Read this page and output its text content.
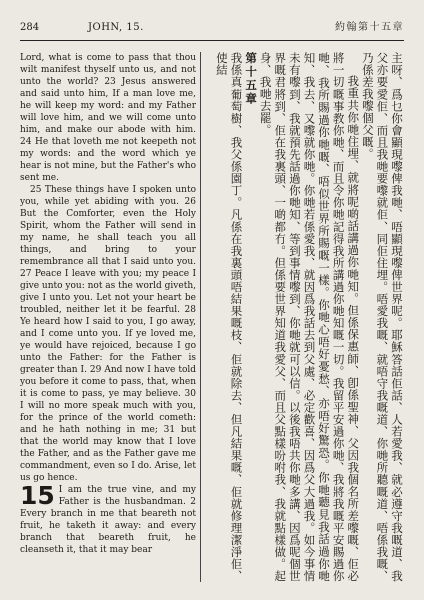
284	JOHN, 15.	約翰第十五章

Lord, what is come to pass that thou wilt manifest thyself unto us, and not unto the world? 23 Jesus answered and said unto him, If a man love me, he will keep my word: and my Father will love him, and we will come unto him, and make our abode with him. 24 He that loveth me not keepeth not my words: and the word which ye hear is not mine, but the Father's who sent me.

25 These things have I spoken unto you, while yet abiding with you. 26 But the Comforter, even the Holy Spirit, whom the Father will send in my name, he shall teach you all things, and bring to your remembrance all that I said unto you. 27 Peace I leave with you; my peace I give unto you: not as the world giveth, give I unto you. Let not your heart be troubled, neither let it be fearful. 28 Ye heard how I said to you, I go away, and I come unto you. If ye loved me, ye would have rejoiced, because I go unto the Father: for the Father is greater than I. 29 And now I have told you before it come to pass, that, when it is come to pass, ye may believe. 30 I will no more speak much with you, for the prince of the world cometh: and he hath nothing in me; 31 but that the world may know that I love the Father, and as the Father gave me commandment, even so I do. Arise, let us go hence.

15 I am the true vine, and my Father is the husbandman. 2 Every branch in me that beareth not fruit, he taketh it away: and every branch that beareth fruit, he cleanseth it, that it may bear	主呀、爲乜你會顯現嚟俾我哋、唔顯現嚟俾世界呢。耶穌答話佢話、人若愛我、就必遵守我嘅道、我父亦要愛佢、而且我哋要嚟就佢、同佢住埋。唔愛我嘅、就唔守我嘅道、你哋所聽嘅道、唔係我嘅、乃係差我嚟個父嘅。

我重共你哋住埋、就將呢啲話講過你哋知。但係保惠師、卽係聖神、父因我個名所差嚟嘅、佢必將一切嘅事教你哋、而且令你哋記得我所講過你哋知嘅一切。我留平安過你哋、我將我嘅平安賜過你哋、我所賜過你哋嘅、唔似世界所賜嘅一樣。你哋心唔好憂愁、亦唔好驚恐。你哋聽見我話過你哋知、我去、又嚟就你哋。你哋若係愛我、就因爲我話去到父處、必定歡喜、因爲父大過我。如今事情未有嚟到、我就預先話過你哋知、等到事情嚟到、你哋就可以信。以後我唔共你哋多講、因爲呢個世界嘅君將到、佢在我裏頭、一啲都冇。但係要世界知道我愛父、而且父點樣吩咐我、我就點樣做。起身、我哋去罷。

第十五章

我係真葡萄樹、我父係園丁。凡係在我裏頭唔結果嘅枝、佢就除去、但凡結果嘅、佢就修理潔淨佢、使結
